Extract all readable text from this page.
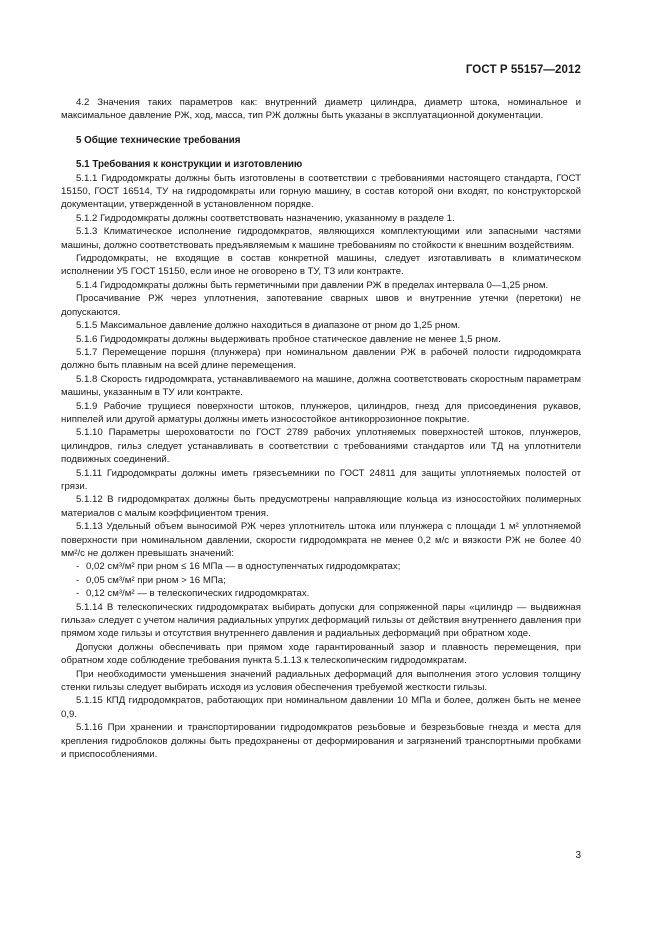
ГОСТ Р 55157—2012

4.2 Значения таких параметров как: внутренний диаметр цилиндра, диаметр штока, номинальное и максимальное давление РЖ, ход, масса, тип РЖ должны быть указаны в эксплуатационной документации.

5 Общие технические требования
5.1 Требования к конструкции и изготовлению

5.1.1 Гидродомкраты должны быть изготовлены в соответствии с требованиями настоящего стандарта, ГОСТ 15150, ГОСТ 16514, ТУ на гидродомкраты или горную машину, в состав которой они входят, по конструкторской документации, утвержденной в установленном порядке.

5.1.2 Гидродомкраты должны соответствовать назначению, указанному в разделе 1.

5.1.3 Климатическое исполнение гидродомкратов, являющихся комплектующими или запасными частями машины, должно соответствовать предъявляемым к машине требованиям по стойкости к внешним воздействиям.

Гидродомкраты, не входящие в состав конкретной машины, следует изготавливать в климатическом исполнении У5 ГОСТ 15150, если иное не оговорено в ТУ, ТЗ или контракте.

5.1.4 Гидродомкраты должны быть герметичными при давлении РЖ в пределах интервала 0—1,25 pном.

Просачивание РЖ через уплотнения, запотевание сварных швов и внутренние утечки (перетоки) не допускаются.

5.1.5 Максимальное давление должно находиться в диапазоне от pном до 1,25 pном.

5.1.6 Гидродомкраты должны выдерживать пробное статическое давление не менее 1,5 pном.

5.1.7 Перемещение поршня (плунжера) при номинальном давлении РЖ в рабочей полости гидродомкрата должно быть плавным на всей длине перемещения.

5.1.8 Скорость гидродомкрата, устанавливаемого на машине, должна соответствовать скоростным параметрам машины, указанным в ТУ или контракте.

5.1.9 Рабочие трущиеся поверхности штоков, плунжеров, цилиндров, гнезд для присоединения рукавов, ниппелей или другой арматуры должны иметь износостойкое антикоррозионное покрытие.

5.1.10 Параметры шероховатости по ГОСТ 2789 рабочих уплотняемых поверхностей штоков, плунжеров, цилиндров, гильз следует устанавливать в соответствии с требованиями стандартов или ТД на уплотнители подвижных соединений.

5.1.11 Гидродомкраты должны иметь грязесъемники по ГОСТ 24811 для защиты уплотняемых полостей от грязи.

5.1.12 В гидродомкратах должны быть предусмотрены направляющие кольца из износостойких полимерных материалов с малым коэффициентом трения.

5.1.13 Удельный объем выносимой РЖ через уплотнитель штока или плунжера с площади 1 м² уплотняемой поверхности при номинальном давлении, скорости гидродомкрата не менее 0,2 м/с и вязкости РЖ не более 40 мм²/с не должен превышать значений:

- 0,02 см³/м² при pном ≤ 16 МПа — в одноступенчатых гидродомкратах;
- 0,05 см³/м² при pном > 16 МПа;
- 0,12 см³/м² — в телескопических гидродомкратах.

5.1.14 В телескопических гидродомкратах выбирать допуски для сопряженной пары «цилиндр — выдвижная гильза» следует с учетом наличия радиальных упругих деформаций гильзы от действия внутреннего давления при прямом ходе гильзы и отсутствия внутреннего давления и радиальных деформаций при обратном ходе.

Допуски должны обеспечивать при прямом ходе гарантированный зазор и плавность перемещения, при обратном ходе соблюдение требования пункта 5.1.13 к телескопическим гидродомкратам.

При необходимости уменьшения значений радиальных деформаций для выполнения этого условия толщину стенки гильзы следует выбирать исходя из условия обеспечения требуемой жесткости гильзы.

5.1.15 КПД гидродомкратов, работающих при номинальном давлении 10 МПа и более, должен быть не менее 0,9.

5.1.16 При хранении и транспортировании гидродомкратов резьбовые и безрезьбовые гнезда и места для крепления гидроблоков должны быть предохранены от деформирования и загрязнений транспортными пробками и приспособлениями.

3
